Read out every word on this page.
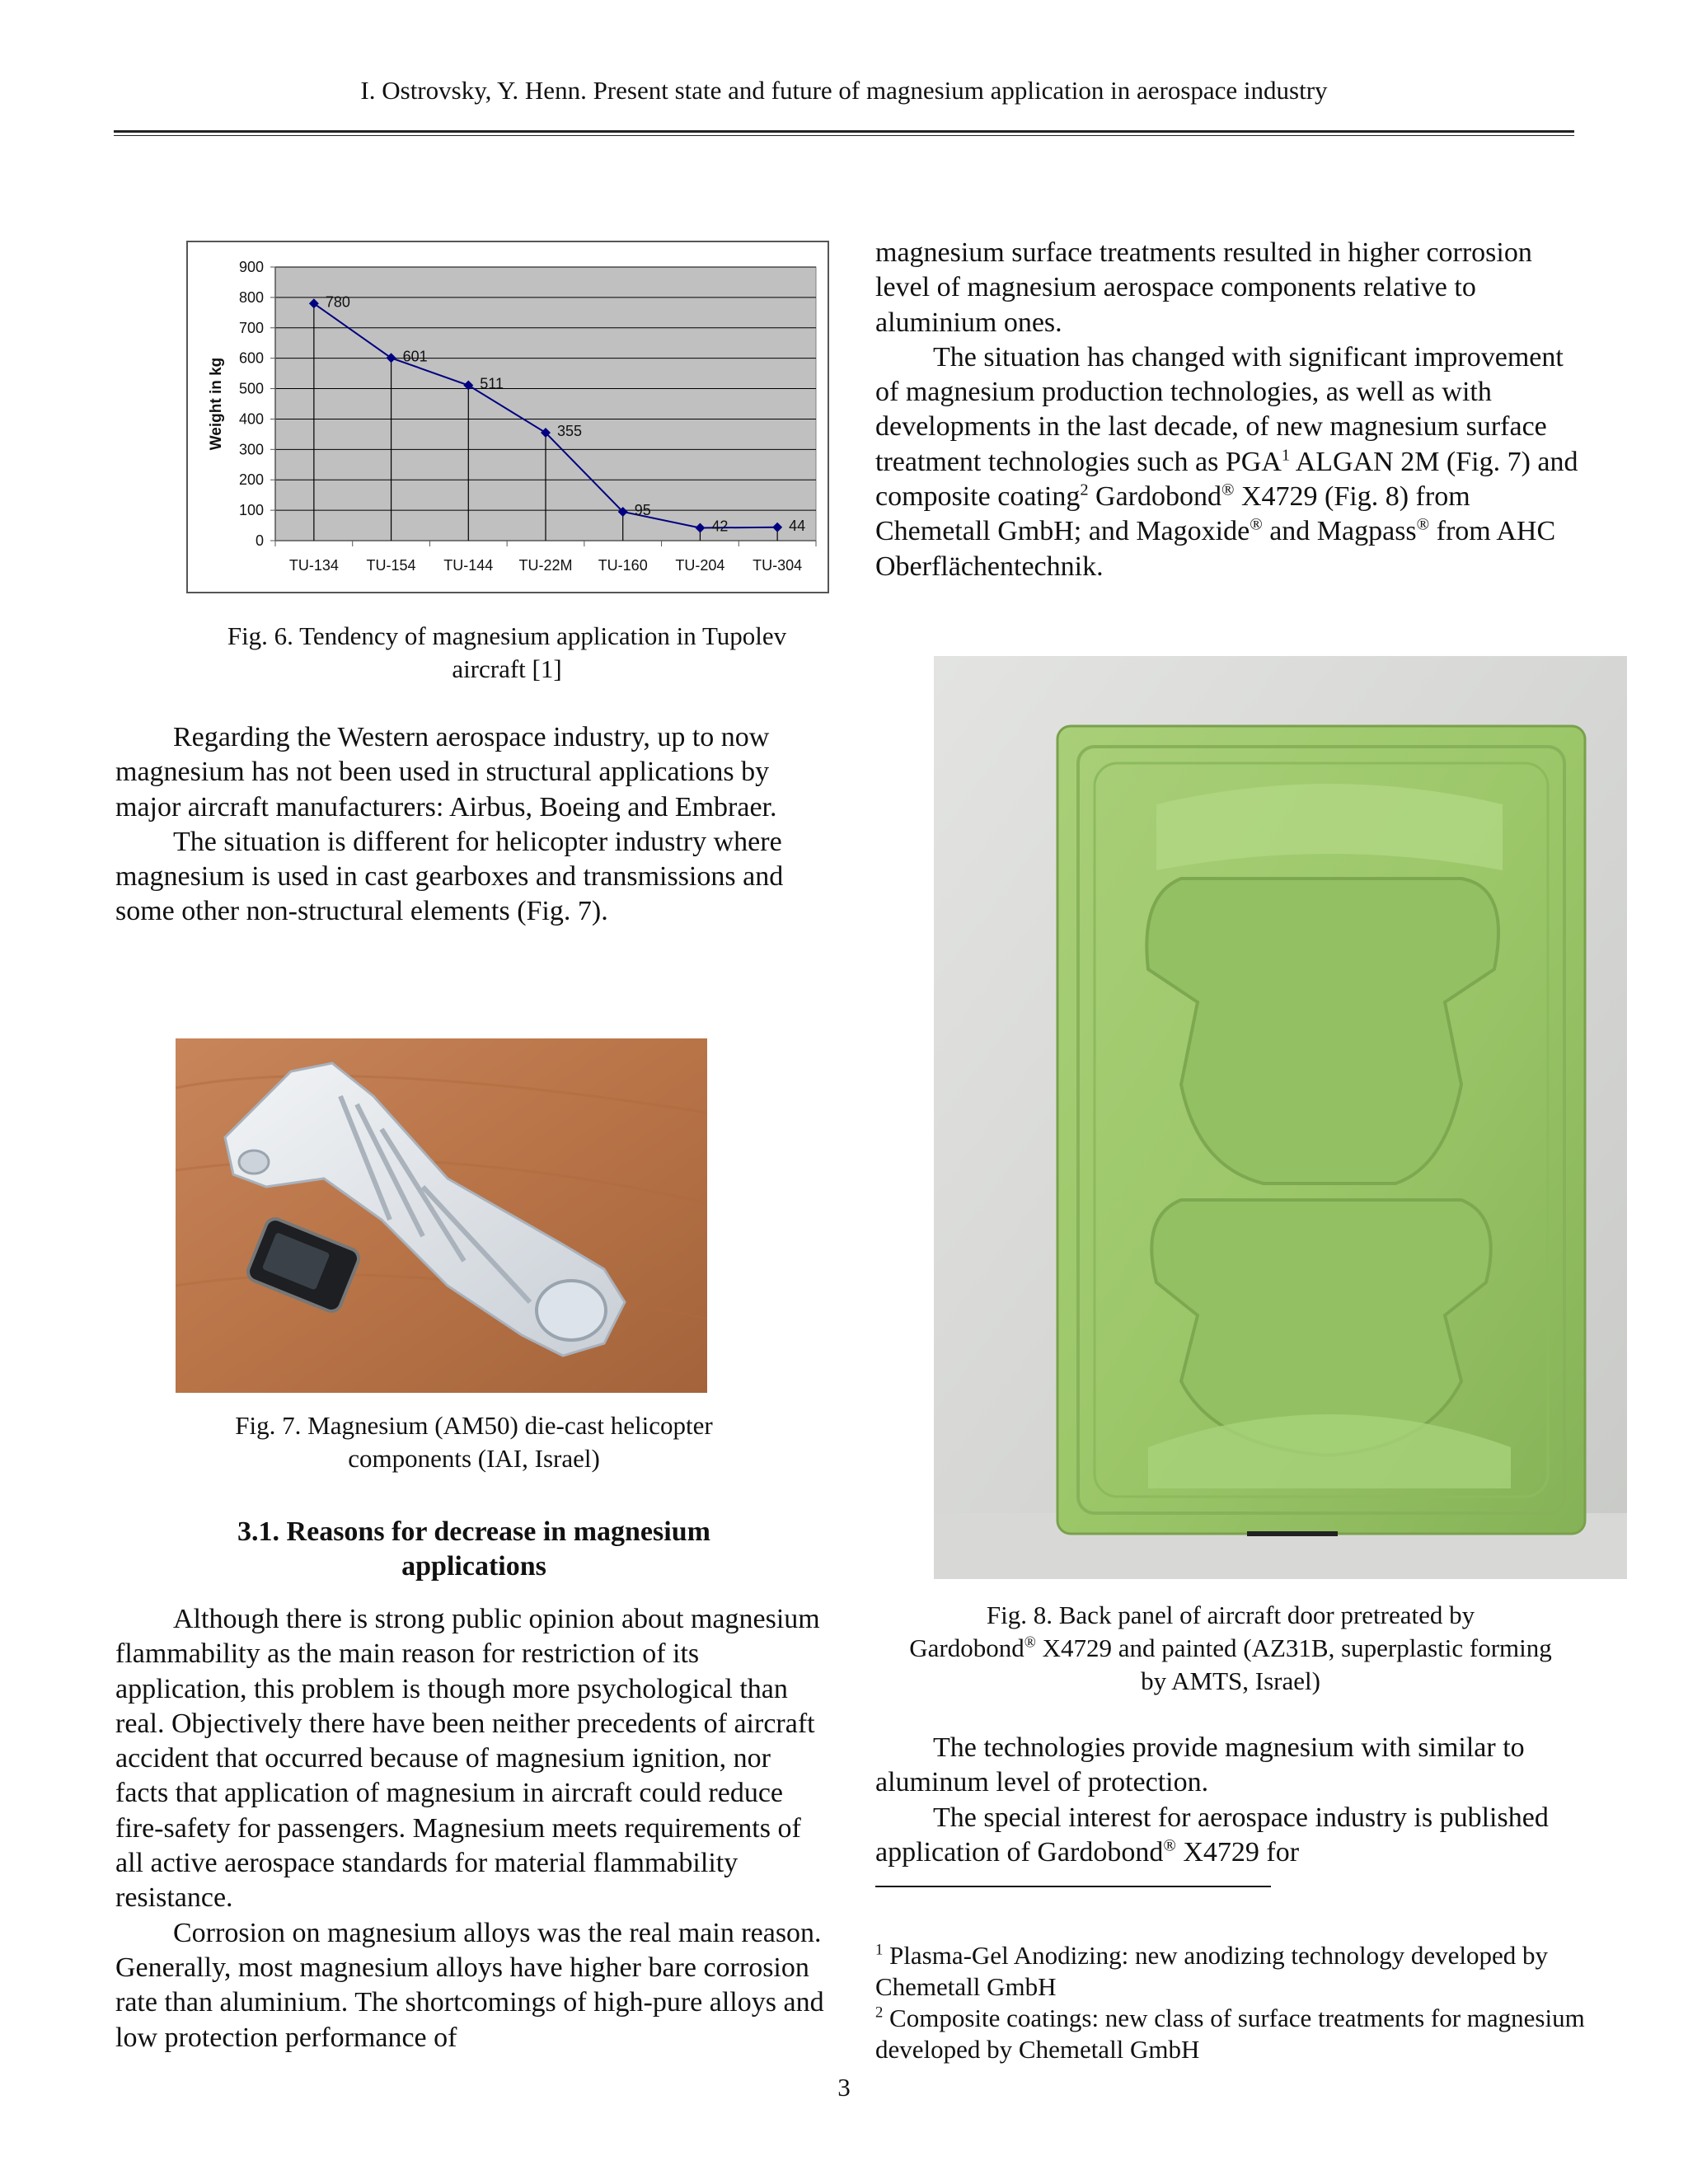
I. Ostrovsky, Y. Henn. Present state and future of magnesium application in aerospace industry
0
100
200
300
400
500
600
700
800
900
TU-134 TU-154 TU-144 TU-22M TU-160 TU-204 TU-304
780
601
511
355
95
42	44
Weight in kg
Fig. 6. Tendency of magnesium application in Tupolev
aircraft [1]

Regarding the Western aerospace industry, up to now magnesium has not been used in structural applications by major aircraft manufacturers: Airbus, Boeing and Embraer.

The situation is different for helicopter industry where magnesium is used in cast gearboxes and transmissions and some other non-structural elements (Fig. 7).

Fig. 7. Magnesium (AM50) die-cast helicopter
components (IAI, Israel)
3.1. Reasons for decrease in magnesium
applications

Although there is strong public opinion about magnesium flammability as the main reason for restriction of its application, this problem is though more psychological than real. Objectively there have been neither precedents of aircraft accident that occurred because of magnesium ignition, nor facts that application of magnesium in aircraft could reduce fire-safety for passengers. Magnesium meets requirements of all active aerospace standards for material flammability resistance.

Corrosion on magnesium alloys was the real main reason. Generally, most magnesium alloys have higher bare corrosion rate than aluminium. The shortcomings of high-pure alloys and low protection performance of

magnesium surface treatments resulted in higher corrosion level of magnesium aerospace components relative to aluminium ones.

The situation has changed with significant improvement of magnesium production technologies, as well as with developments in the last decade, of new magnesium surface treatment technologies such as PGA$^1$ ALGAN 2M (Fig. 7) and composite coating$^2$ Gardobond® X4729 (Fig. 8) from Chemetall GmbH; and Magoxide® and Magpass® from AHC Oberflächentechnik.

Fig. 8. Back panel of aircraft door pretreated by
Gardobond® X4729 and painted (AZ31B, superplastic forming
by AMTS, Israel)

The technologies provide magnesium with similar to aluminum level of protection.

The special interest for aerospace industry is published application of Gardobond® X4729 for

$^1$ Plasma-Gel Anodizing: new anodizing technology developed by Chemetall GmbH

$^2$ Composite coatings: new class of surface treatments for magnesium developed by Chemetall GmbH

3
